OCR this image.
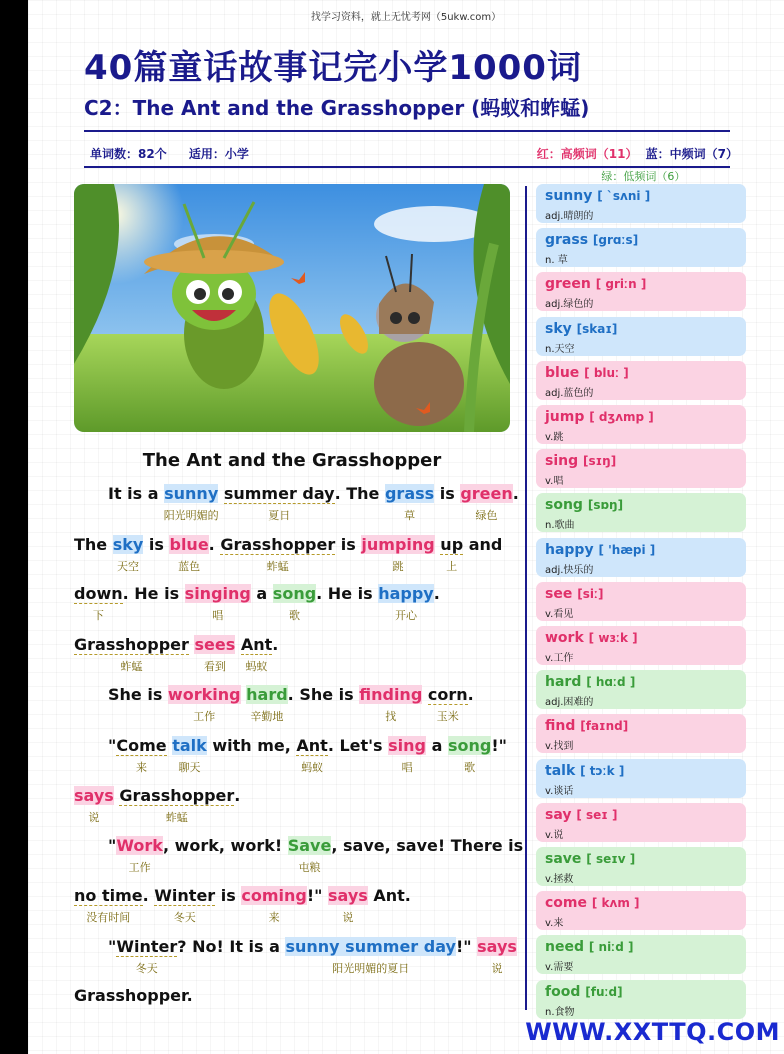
找学习资料，就上无忧考网（5ukw.com）
40篇童话故事记完小学1000词
C2：The Ant and the Grasshopper (蚂蚁和蚱蜢)
单词数：82个 适用：小学	红：高频词（11） 蓝：中频词（7）
绿：低频词（6）
The Ant and the Grasshopper
It is a sunny
阳光明媚的
summer day
夏日
. The grass
草
is green
绿色
.
The sky
天空
is blue
蓝色
. Grasshopper
蚱蜢
is jumping
跳
up
上
and
down
下
. He is singing
唱
a song
歌
. He is happy
开心
.
Grasshopper
蚱蜢
sees
看到
Ant
蚂蚁
.
She is working
工作
hard
辛勤地
. She is finding
找
corn
玉米
.
"Come
来
talk
聊天
with me, Ant
蚂蚁
. Let's sing
唱
a song
歌
!"
says
说
Grasshopper
蚱蜢
.
"Work
工作
, work, work! Save
屯粮
, save, save! There is
no time
没有时间
. Winter
冬天
is coming
来
!" says
说
Ant.
"Winter
冬天
? No! It is a sunny summer day
阳光明媚的夏日
!" says
说
Grasshopper.
sunny [ ˋsʌni ]
adj.晴朗的
grass [grɑːs]
n. 草
green [ griːn ]
adj.绿色的
sky [skaɪ]
n.天空
blue [ bluː ]
adj.蓝色的
jump [ dʒʌmp ]
v.跳
sing [sɪŋ]
v.唱
song [sɒŋ]
n.歌曲
happy [ 'hæpi ]
adj.快乐的
see [siː]
v.看见
work [ wɜːk ]
v.工作
hard [ hɑːd ]
adj.困难的
find [faɪnd]
v.找到
talk [ tɔːk ]
v.谈话
say [ seɪ ]
v.说
save [ seɪv ]
v.拯救
come [ kʌm ]
v.来
need [ niːd ]
v.需要
food [fuːd]
n.食物
WWW.XXTTQ.COM
